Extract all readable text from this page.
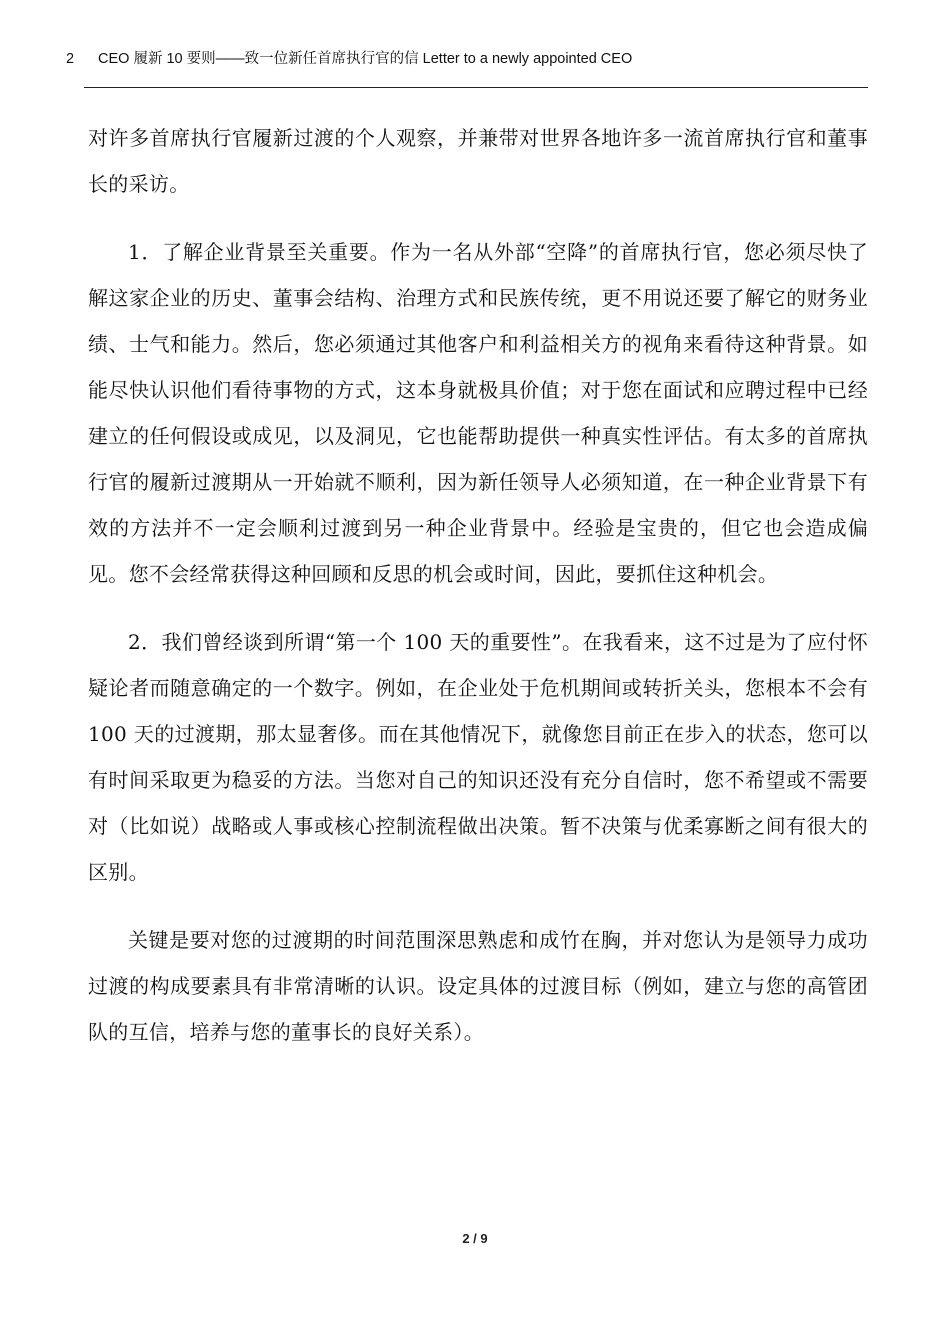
2 CEO 履新 10 要则——致一位新任首席执行官的信 Letter to a newly appointed CEO

对许多首席执行官履新过渡的个人观察，并兼带对世界各地许多一流首席执行官和董事长的采访。

1．了解企业背景至关重要。作为一名从外部“空降”的首席执行官，您必须尽快了解这家企业的历史、董事会结构、治理方式和民族传统，更不用说还要了解它的财务业绩、士气和能力。然后，您必须通过其他客户和利益相关方的视角来看待这种背景。如能尽快认识他们看待事物的方式，这本身就极具价值；对于您在面试和应聘过程中已经建立的任何假设或成见，以及洞见，它也能帮助提供一种真实性评估。有太多的首席执行官的履新过渡期从一开始就不顺利，因为新任领导人必须知道，在一种企业背景下有效的方法并不一定会顺利过渡到另一种企业背景中。经验是宝贵的，但它也会造成偏见。您不会经常获得这种回顾和反思的机会或时间，因此，要抓住这种机会。

2．我们曾经谈到所谓“第一个 100 天的重要性”。在我看来，这不过是为了应付怀疑论者而随意确定的一个数字。例如，在企业处于危机期间或转折关头，您根本不会有 100 天的过渡期，那太显奢侈。而在其他情况下，就像您目前正在步入的状态，您可以有时间采取更为稳妥的方法。当您对自己的知识还没有充分自信时，您不希望或不需要对（比如说）战略或人事或核心控制流程做出决策。暂不决策与优柔寡断之间有很大的区别。

关键是要对您的过渡期的时间范围深思熟虑和成竹在胸，并对您认为是领导力成功过渡的构成要素具有非常清晰的认识。设定具体的过渡目标（例如，建立与您的高管团队的互信，培养与您的董事长的良好关系）。

2 / 9
